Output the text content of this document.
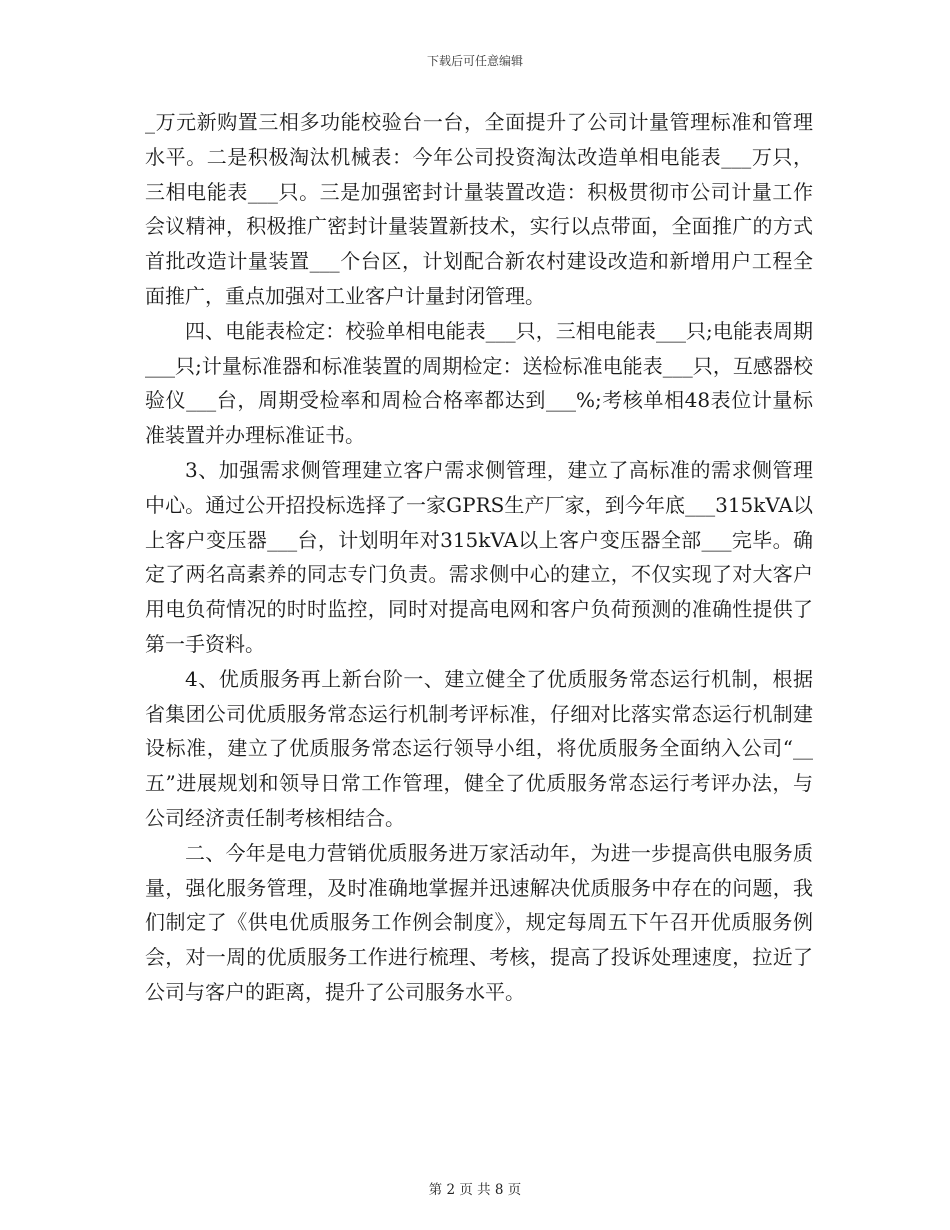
下载后可任意编辑

_万元新购置三相多功能校验台一台，全面提升了公司计量管理标准和管理水平。二是积极淘汰机械表：今年公司投资淘汰改造单相电能表___万只，三相电能表___只。三是加强密封计量装置改造：积极贯彻市公司计量工作会议精神，积极推广密封计量装置新技术，实行以点带面，全面推广的方式首批改造计量装置___个台区，计划配合新农村建设改造和新增用户工程全面推广，重点加强对工业客户计量封闭管理。

四、电能表检定：校验单相电能表___只，三相电能表___只;电能表周期___只;计量标准器和标准装置的周期检定：送检标准电能表___只，互感器校验仪___台，周期受检率和周检合格率都达到___%;考核单相48表位计量标准装置并办理标准证书。

3、加强需求侧管理建立客户需求侧管理，建立了高标准的需求侧管理中心。通过公开招投标选择了一家GPRS生产厂家，到今年底___315kVA以上客户变压器___台，计划明年对315kVA以上客户变压器全部___完毕。确定了两名高素养的同志专门负责。需求侧中心的建立，不仅实现了对大客户用电负荷情况的时时监控，同时对提高电网和客户负荷预测的准确性提供了第一手资料。

4、优质服务再上新台阶一、建立健全了优质服务常态运行机制，根据省集团公司优质服务常态运行机制考评标准，仔细对比落实常态运行机制建设标准，建立了优质服务常态运行领导小组，将优质服务全面纳入公司“__五”进展规划和领导日常工作管理，健全了优质服务常态运行考评办法，与公司经济责任制考核相结合。

二、今年是电力营销优质服务进万家活动年，为进一步提高供电服务质量，强化服务管理，及时准确地掌握并迅速解决优质服务中存在的问题，我们制定了《供电优质服务工作例会制度》，规定每周五下午召开优质服务例会，对一周的优质服务工作进行梳理、考核，提高了投诉处理速度，拉近了公司与客户的距离，提升了公司服务水平。

第 2 页 共 8 页
